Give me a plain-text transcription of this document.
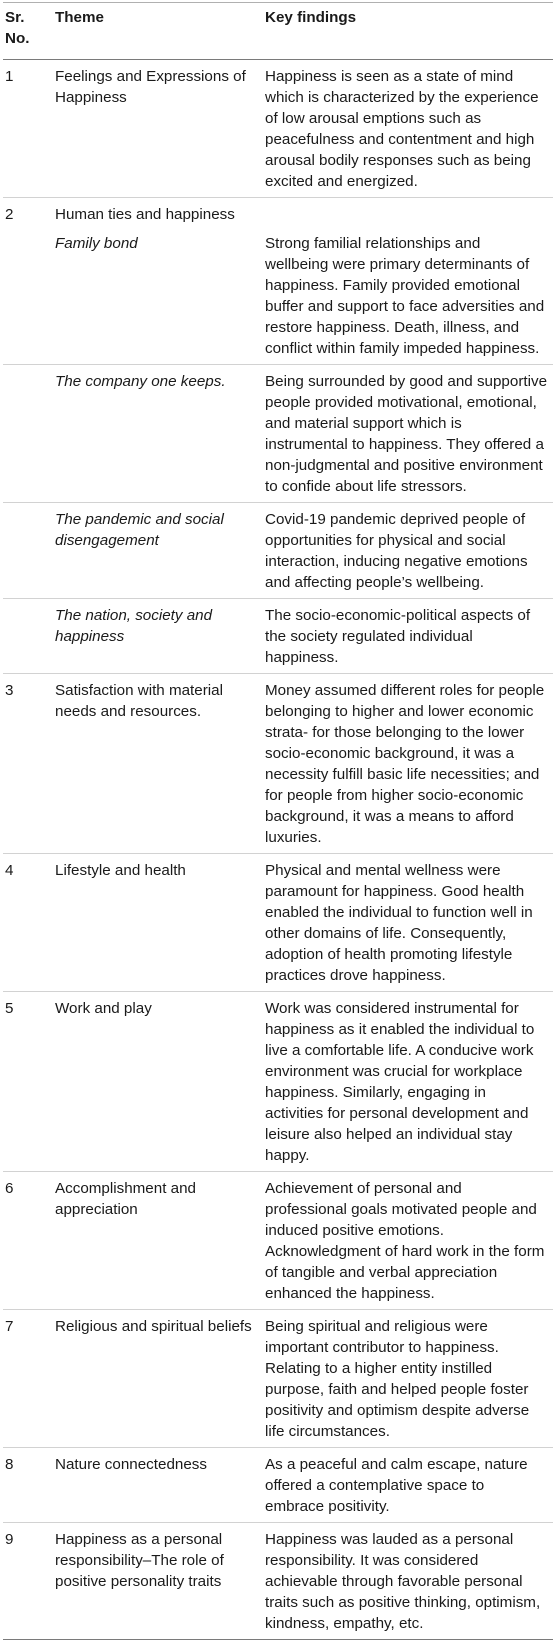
Sr. No.	Theme	Key findings
1	Feelings and Expressions of Happiness	Happiness is seen as a state of mind which is characterized by the experience of low arousal emptions such as peacefulness and contentment and high arousal bodily responses such as being excited and energized.
2	Human ties and happiness	
	Family bond	Strong familial relationships and wellbeing were primary determinants of happiness. Family provided emotional buffer and support to face adversities and restore happiness. Death, illness, and conflict within family impeded happiness.
	The company one keeps.	Being surrounded by good and supportive people provided motivational, emotional, and material support which is instrumental to happiness. They offered a non-judgmental and positive environment to confide about life stressors.
	The pandemic and social disengagement	Covid-19 pandemic deprived people of opportunities for physical and social interaction, inducing negative emotions and affecting people’s wellbeing.
	The nation, society and happiness	The socio-economic-political aspects of the society regulated individual happiness.
3	Satisfaction with material needs and resources.	Money assumed different roles for people belonging to higher and lower economic strata- for those belonging to the lower socio-economic background, it was a necessity fulfill basic life necessities; and for people from higher socio-economic background, it was a means to afford luxuries.
4	Lifestyle and health	Physical and mental wellness were paramount for happiness. Good health enabled the individual to function well in other domains of life. Consequently, adoption of health promoting lifestyle practices drove happiness.
5	Work and play	Work was considered instrumental for happiness as it enabled the individual to live a comfortable life. A conducive work environment was crucial for workplace happiness. Similarly, engaging in activities for personal development and leisure also helped an individual stay happy.
6	Accomplishment and appreciation	Achievement of personal and professional goals motivated people and induced positive emotions. Acknowledgment of hard work in the form of tangible and verbal appreciation enhanced the happiness.
7	Religious and spiritual beliefs	Being spiritual and religious were important contributor to happiness. Relating to a higher entity instilled purpose, faith and helped people foster positivity and optimism despite adverse life circumstances.
8	Nature connectedness	As a peaceful and calm escape, nature offered a contemplative space to embrace positivity.
9	Happiness as a personal responsibility–The role of positive personality traits	Happiness was lauded as a personal responsibility. It was considered achievable through favorable personal traits such as positive thinking, optimism, kindness, empathy, etc.
